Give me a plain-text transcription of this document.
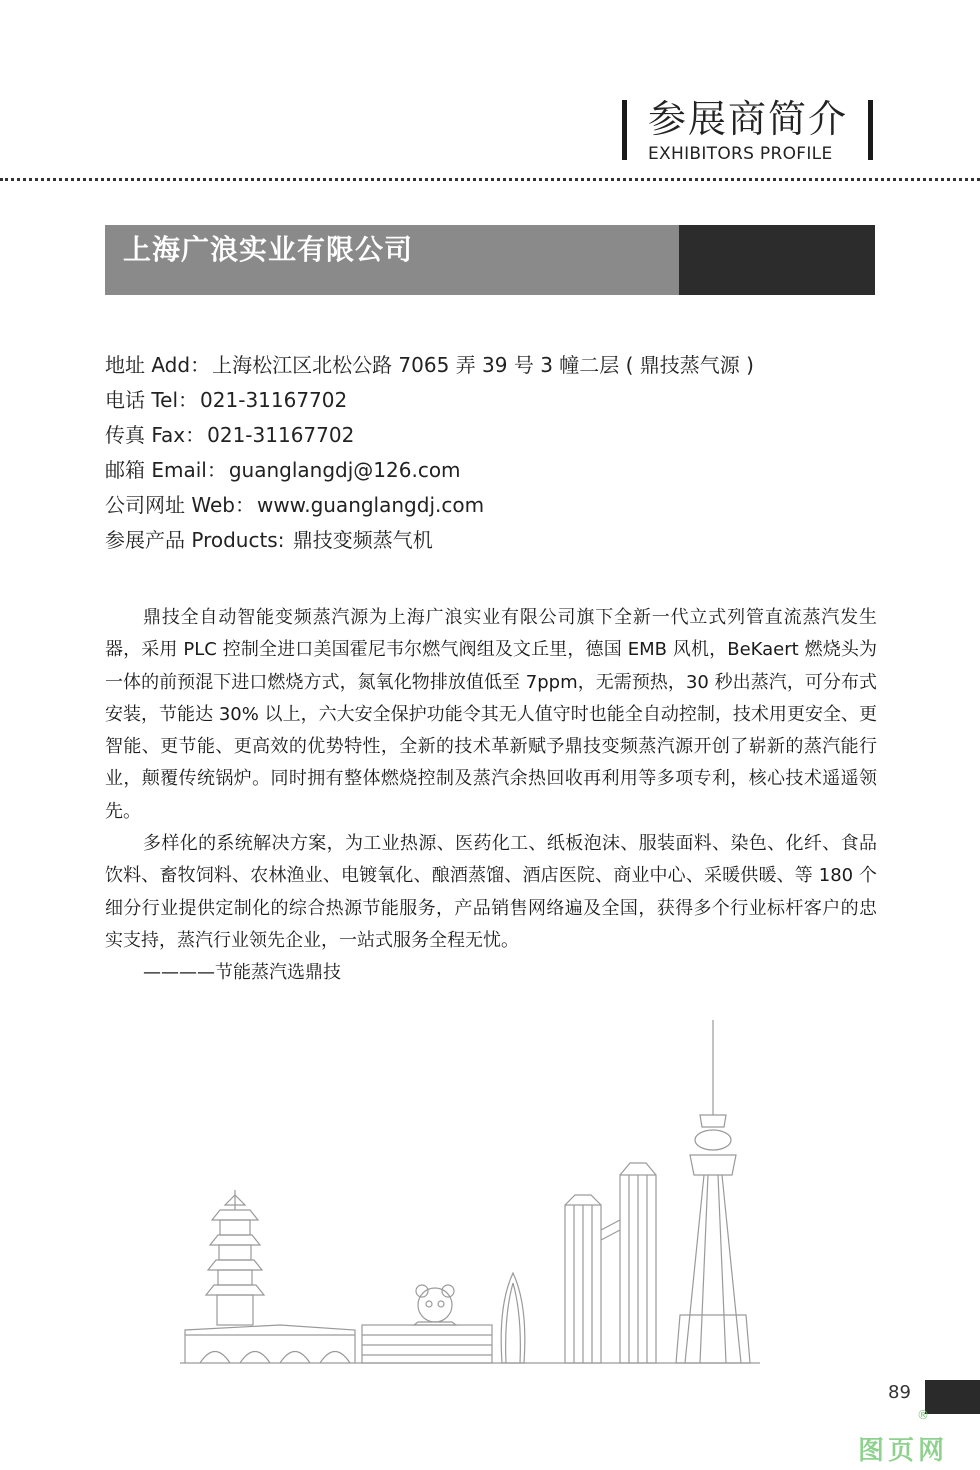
参展商简介
EXHIBITORS PROFILE
上海广浪实业有限公司
地址 Add： 上海松江区北松公路 7065 弄 39 号 3 幢二层 ( 鼎技蒸气源 )
电话 Tel： 021-31167702
传真 Fax： 021-31167702
邮箱 Email： guanglangdj@126.com
公司网址 Web： www.guanglangdj.com
参展产品 Products: 鼎技变频蒸气机

鼎技全自动智能变频蒸汽源为上海广浪实业有限公司旗下全新一代立式列管直流蒸汽发生器，采用 PLC 控制全进口美国霍尼韦尔燃气阀组及文丘里，德国 EMB 风机，BeKaert 燃烧头为一体的前预混下进口燃烧方式，氮氧化物排放值低至 7ppm，无需预热，30 秒出蒸汽，可分布式安装，节能达 30% 以上，六大安全保护功能令其无人值守时也能全自动控制，技术用更安全、更智能、更节能、更高效的优势特性，全新的技术革新赋予鼎技变频蒸汽源开创了崭新的蒸汽能行业，颠覆传统锅炉。同时拥有整体燃烧控制及蒸汽余热回收再利用等多项专利，核心技术遥遥领先。

多样化的系统解决方案，为工业热源、医药化工、纸板泡沫、服装面料、染色、化纤、食品饮料、畜牧饲料、农林渔业、电镀氧化、酿酒蒸馏、酒店医院、商业中心、采暖供暖、等 180 个细分行业提供定制化的综合热源节能服务，产品销售网络遍及全国，获得多个行业标杆客户的忠实支持，蒸汽行业领先企业，一站式服务全程无忧。

————节能蒸汽选鼎技

89
®
图页网
